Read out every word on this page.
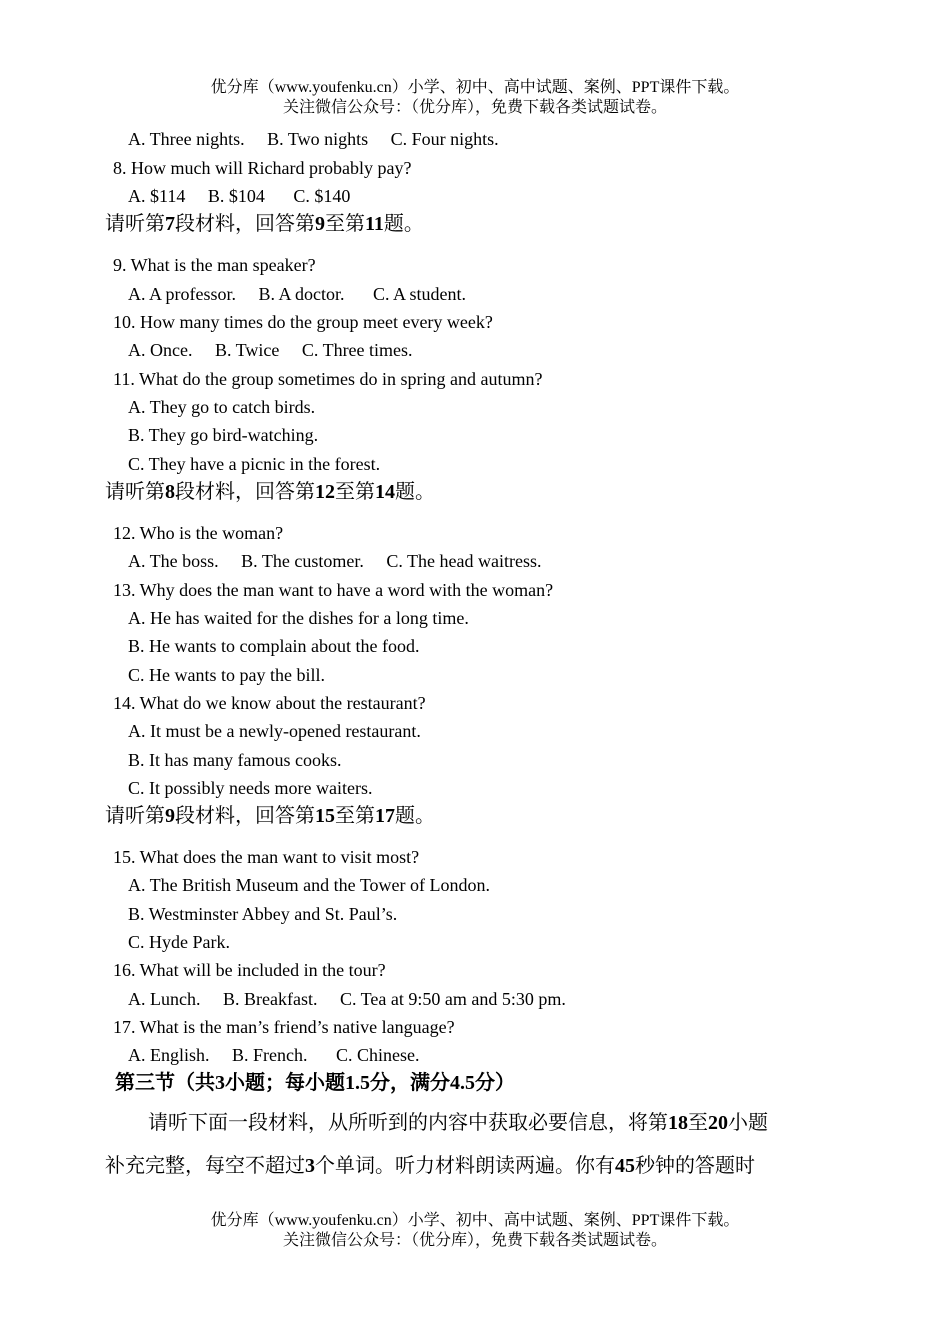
优分库（www.youfenku.cn）小学、初中、高中试题、案例、PPT课件下载。
关注微信公众号：（优分库），免费下载各类试题试卷。
A. Three nights. B. Two nights C. Four nights.
8. How much will Richard probably pay?
A. $114 B. $104 C. $140
请听第7段材料，回答第9至第11题。
9. What is the man speaker?
A. A professor. B. A doctor. C. A student.
10. How many times do the group meet every week?
A. Once. B. Twice C. Three times.
11. What do the group sometimes do in spring and autumn?
A. They go to catch birds.
B. They go bird-watching.
C. They have a picnic in the forest.
请听第8段材料，回答第12至第14题。
12. Who is the woman?
A. The boss. B. The customer. C. The head waitress.
13. Why does the man want to have a word with the woman?
A. He has waited for the dishes for a long time.
B. He wants to complain about the food.
C. He wants to pay the bill.
14. What do we know about the restaurant?
A. It must be a newly-opened restaurant.
B. It has many famous cooks.
C. It possibly needs more waiters.
请听第9段材料，回答第15至第17题。
15. What does the man want to visit most?
A. The British Museum and the Tower of London.
B. Westminster Abbey and St. Paul’s.
C. Hyde Park.
16. What will be included in the tour?
A. Lunch. B. Breakfast. C. Tea at 9:50 am and 5:30 pm.
17. What is the man’s friend’s native language?
A. English. B. French. C. Chinese.
第三节（共3小题；每小题1.5分，满分4.5分）
请听下面一段材料，从所听到的内容中获取必要信息，将第18至20小题
补充完整，每空不超过3个单词。听力材料朗读两遍。你有45秒钟的答题时
优分库（www.youfenku.cn）小学、初中、高中试题、案例、PPT课件下载。
关注微信公众号：（优分库），免费下载各类试题试卷。
